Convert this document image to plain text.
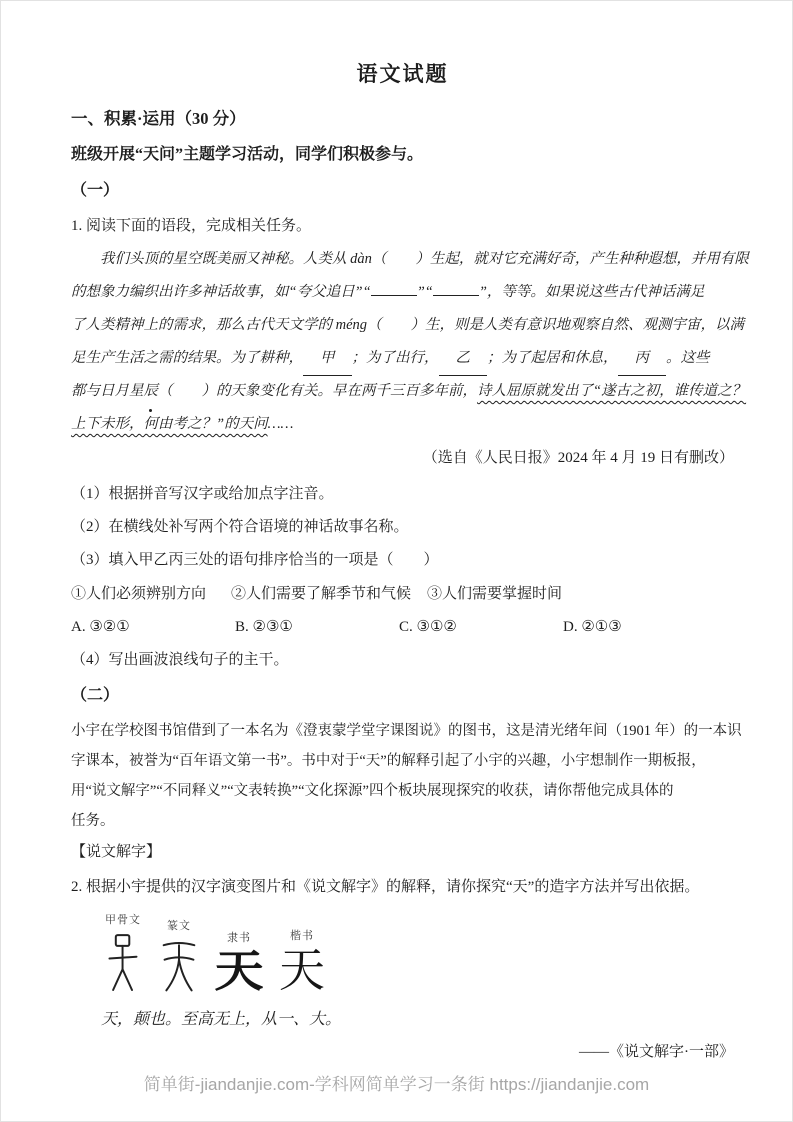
语文试题
一、积累·运用（30 分）
班级开展“天问”主题学习活动，同学们积极参与。
（一）
1. 阅读下面的语段，完成相关任务。
我们头顶的星空既美丽又神秘。人类从 dàn（　　）生起，就对它充满好奇，产生种种遐想，并用有限
的想象力编织出许多神话故事，如“夸父追日”“	”“	”，等等。如果说这些古代神话满足
了人类精神上的需求，那么古代天文学的 méng（　　）生，则是人类有意识地观察自然、观测宇宙，以满
足生产生活之需的结果。为了耕种， 甲 ；为了出行， 乙 ；为了起居和休息， 丙 。这些
都与日月星辰
（　　）的天象变化有关。早在两千三百多年前，诗人屈原就发出了“遂古之初，谁传道之？
上下未形，何由考之？”的天问……
（选自《人民日报》2024 年 4 月 19 日有删改）
（1）根据拼音写汉字或给加点字注音。
（2）在横线处补写两个符合语境的神话故事名称。
（3）填入甲乙丙三处的语句排序恰当的一项是（　　）
①人们必须辨别方向 ②人们需要了解季节和气候 ③人们需要掌握时间
A. ③②①	B. ②③①	C. ③①②	D. ②①③
（4）写出画波浪线句子的主干。
（二）
小宇在学校图书馆借到了一本名为《澄衷蒙学堂字课图说》的图书，这是清光绪年间（1901 年）的一本识
字课本，被誉为“百年语文第一书”。书中对于“天”的解释引起了小宇的兴趣，小宇想制作一期板报，
用“说文解字”“不同释义”“文表转换”“文化探源”四个板块展现探究的收获，请你帮他完成具体的
任务。
【说文解字】
2. 根据小宇提供的汉字演变图片和《说文解字》的解释，请你探究“天”的造字方法并写出依据。
甲骨文 篆文
隶书
天
楷书
天
天，颠也。至高无上，从一、大。
——《说文解字·一部》
简单街-jiandanjie.com-学科网简单学习一条街 https://jiandanjie.com
